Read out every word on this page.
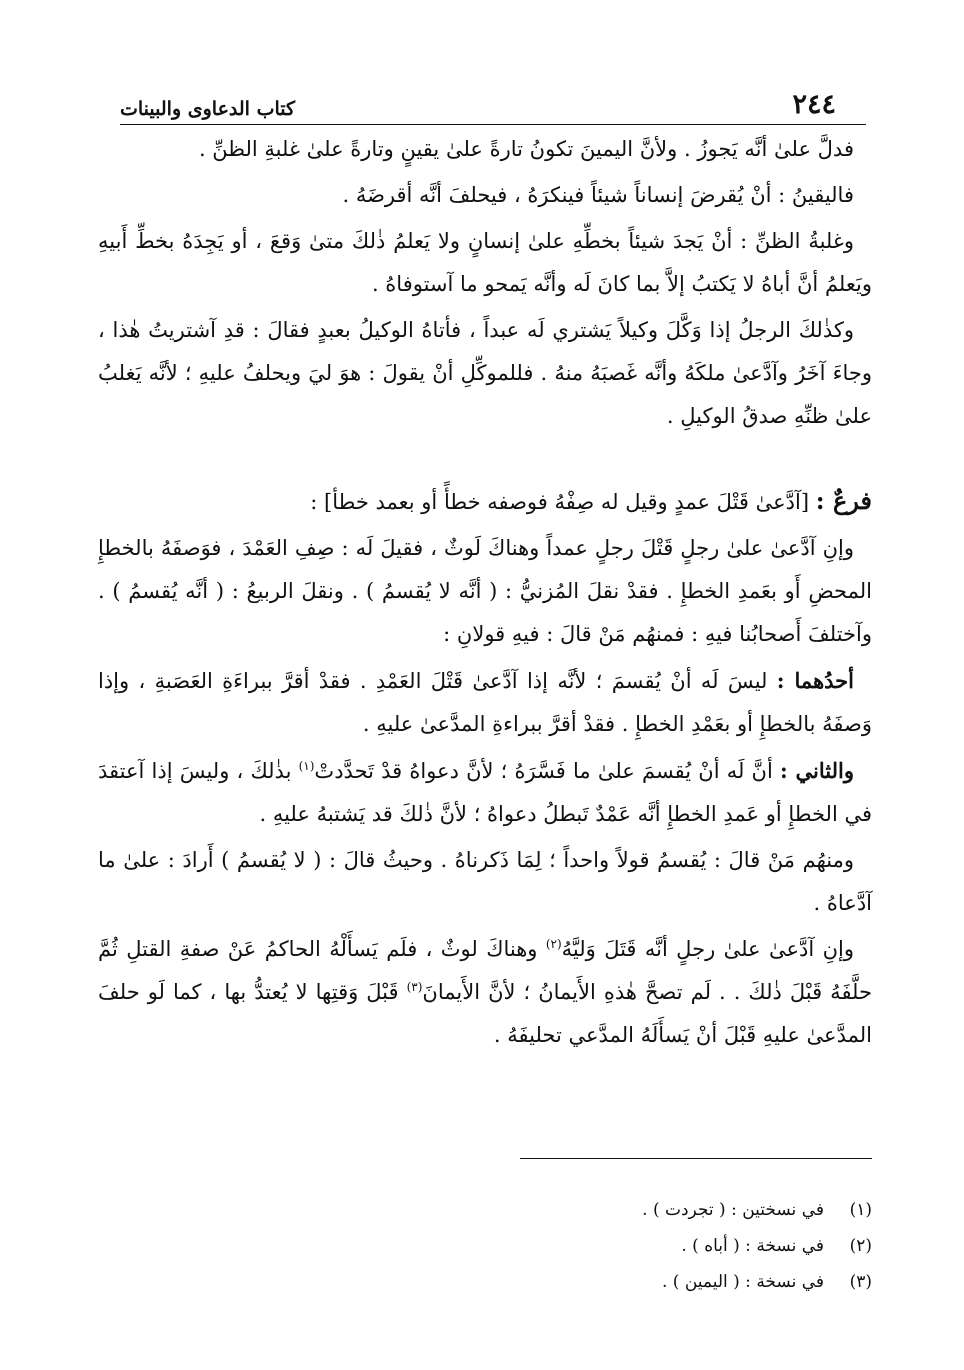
٢٤٤
كتاب الدعاوى والبينات

فدلَّ علىٰ أنَّه يَجوزُ . ولأنَّ اليمينَ تكونُ تارةً علىٰ يقينٍ وتارةً علىٰ غلبةِ الظنِّ .

فاليقينُ : أنْ يُقرضَ إنساناً شيئاً فينكرَهُ ، فيحلفَ أنَّه أقرضَهُ .

وغلبةُ الظنِّ : أنْ يَجدَ شيئاً بخطِّهِ علىٰ إنسانٍ ولا يَعلمُ ذٰلكَ متىٰ وَقعَ ، أو يَجِدَهُ بخطِّ أَبيهِ ويَعلمُ أنَّ أباهُ لا يَكتبُ إلاَّ بما كانَ لَه وأنَّه يَمحو ما آستوفاهُ .

وكذٰلكَ الرجلُ إذا وَكَّلَ وكيلاً يَشتري لَه عبداً ، فأتاهُ الوكيلُ بعبدٍ فقالَ : قدِ آشتريتُ هٰذا ، وجاءَ آخَرُ وآدَّعىٰ ملكَهُ وأنَّه غَصبَهُ منهُ . فللموكِّلِ أنْ يقولَ : هوَ ليَ ويحلفُ عليهِ ؛ لأنَّه يَغلبُ علىٰ ظنِّهِ صدقُ الوكيلِ .

فرعٌ : [آدَّعىٰ قَتْلَ عمدٍ وقيل له صِفْهُ فوصفه خطأً أو بعمد خطأ] :

وإنِ آدَّعىٰ علىٰ رجلٍ قَتْلَ رجلٍ عمداً وهناكَ لَوثٌ ، فقيلَ لَه : صِفِ العَمْدَ ، فوَصفَهُ بالخطإِ المحضِ أَو بعَمدِ الخطإِ . فقدْ نقلَ المُزنيُّ : ( أنَّه لا يُقسمُ ) . ونقلَ الربيعُ : ( أنَّه يُقسمُ ) . وآختلفَ أَصحابُنا فيهِ : فمنهُم مَنْ قالَ : فيهِ قولانِ :

أحدُهما : ليسَ لَه أنْ يُقسمَ ؛ لأنَّه إذا آدَّعىٰ قَتْلَ العَمْدِ . فقدْ أقرَّ ببراءَةِ العَصَبةِ ، وإذا وَصفَهُ بالخطإِ أو بعَمْدِ الخطإِ . فقدْ أقرَّ ببراءةِ المدَّعىٰ عليهِ .

والثاني : أنَّ لَه أنْ يُقسمَ علىٰ ما فَسَّرَهُ ؛ لأنَّ دعواهُ قدْ تَحدَّدتْ$^{(١)}$ بذٰلكَ ، وليسَ إذا آعتقدَ في الخطإِ أو عَمدِ الخطإِ أنَّه عَمْدٌ تَبطلُ دعواهُ ؛ لأنَّ ذٰلكَ قد يَشتبهُ عليهِ .

ومنهُم مَنْ قالَ : يُقسمُ قولاً واحداً ؛ لِمَا ذَكرناهُ . وحيثُ قالَ : ( لا يُقسمُ ) أَرادَ : علىٰ ما آدَّعاهُ .

وإنِ آدَّعىٰ علىٰ رجلٍ أنَّه قَتَلَ وَليَّهُ$^{(٢)}$ وهناكَ لوثٌ ، فلَم يَسأَلْهُ الحاكمُ عَنْ صفةِ القتلِ ثُمَّ حلَّفَهُ قَبْلَ ذٰلكَ . . لَم تصحَّ هٰذهِ الأَيمانُ ؛ لأنَّ الأَيمانَ$^{(٣)}$ قَبْلَ وَقتِها لا يُعتدُّ بها ، كما لَو حلفَ المدَّعىٰ عليهِ قَبْلَ أنْ يَسأَلَهُ المدَّعي تحليفَهُ .

(١)
في نسختين : ( تجردت ) .
(٢)
في نسخة : ( أباه ) .
(٣)
في نسخة : ( اليمين ) .
